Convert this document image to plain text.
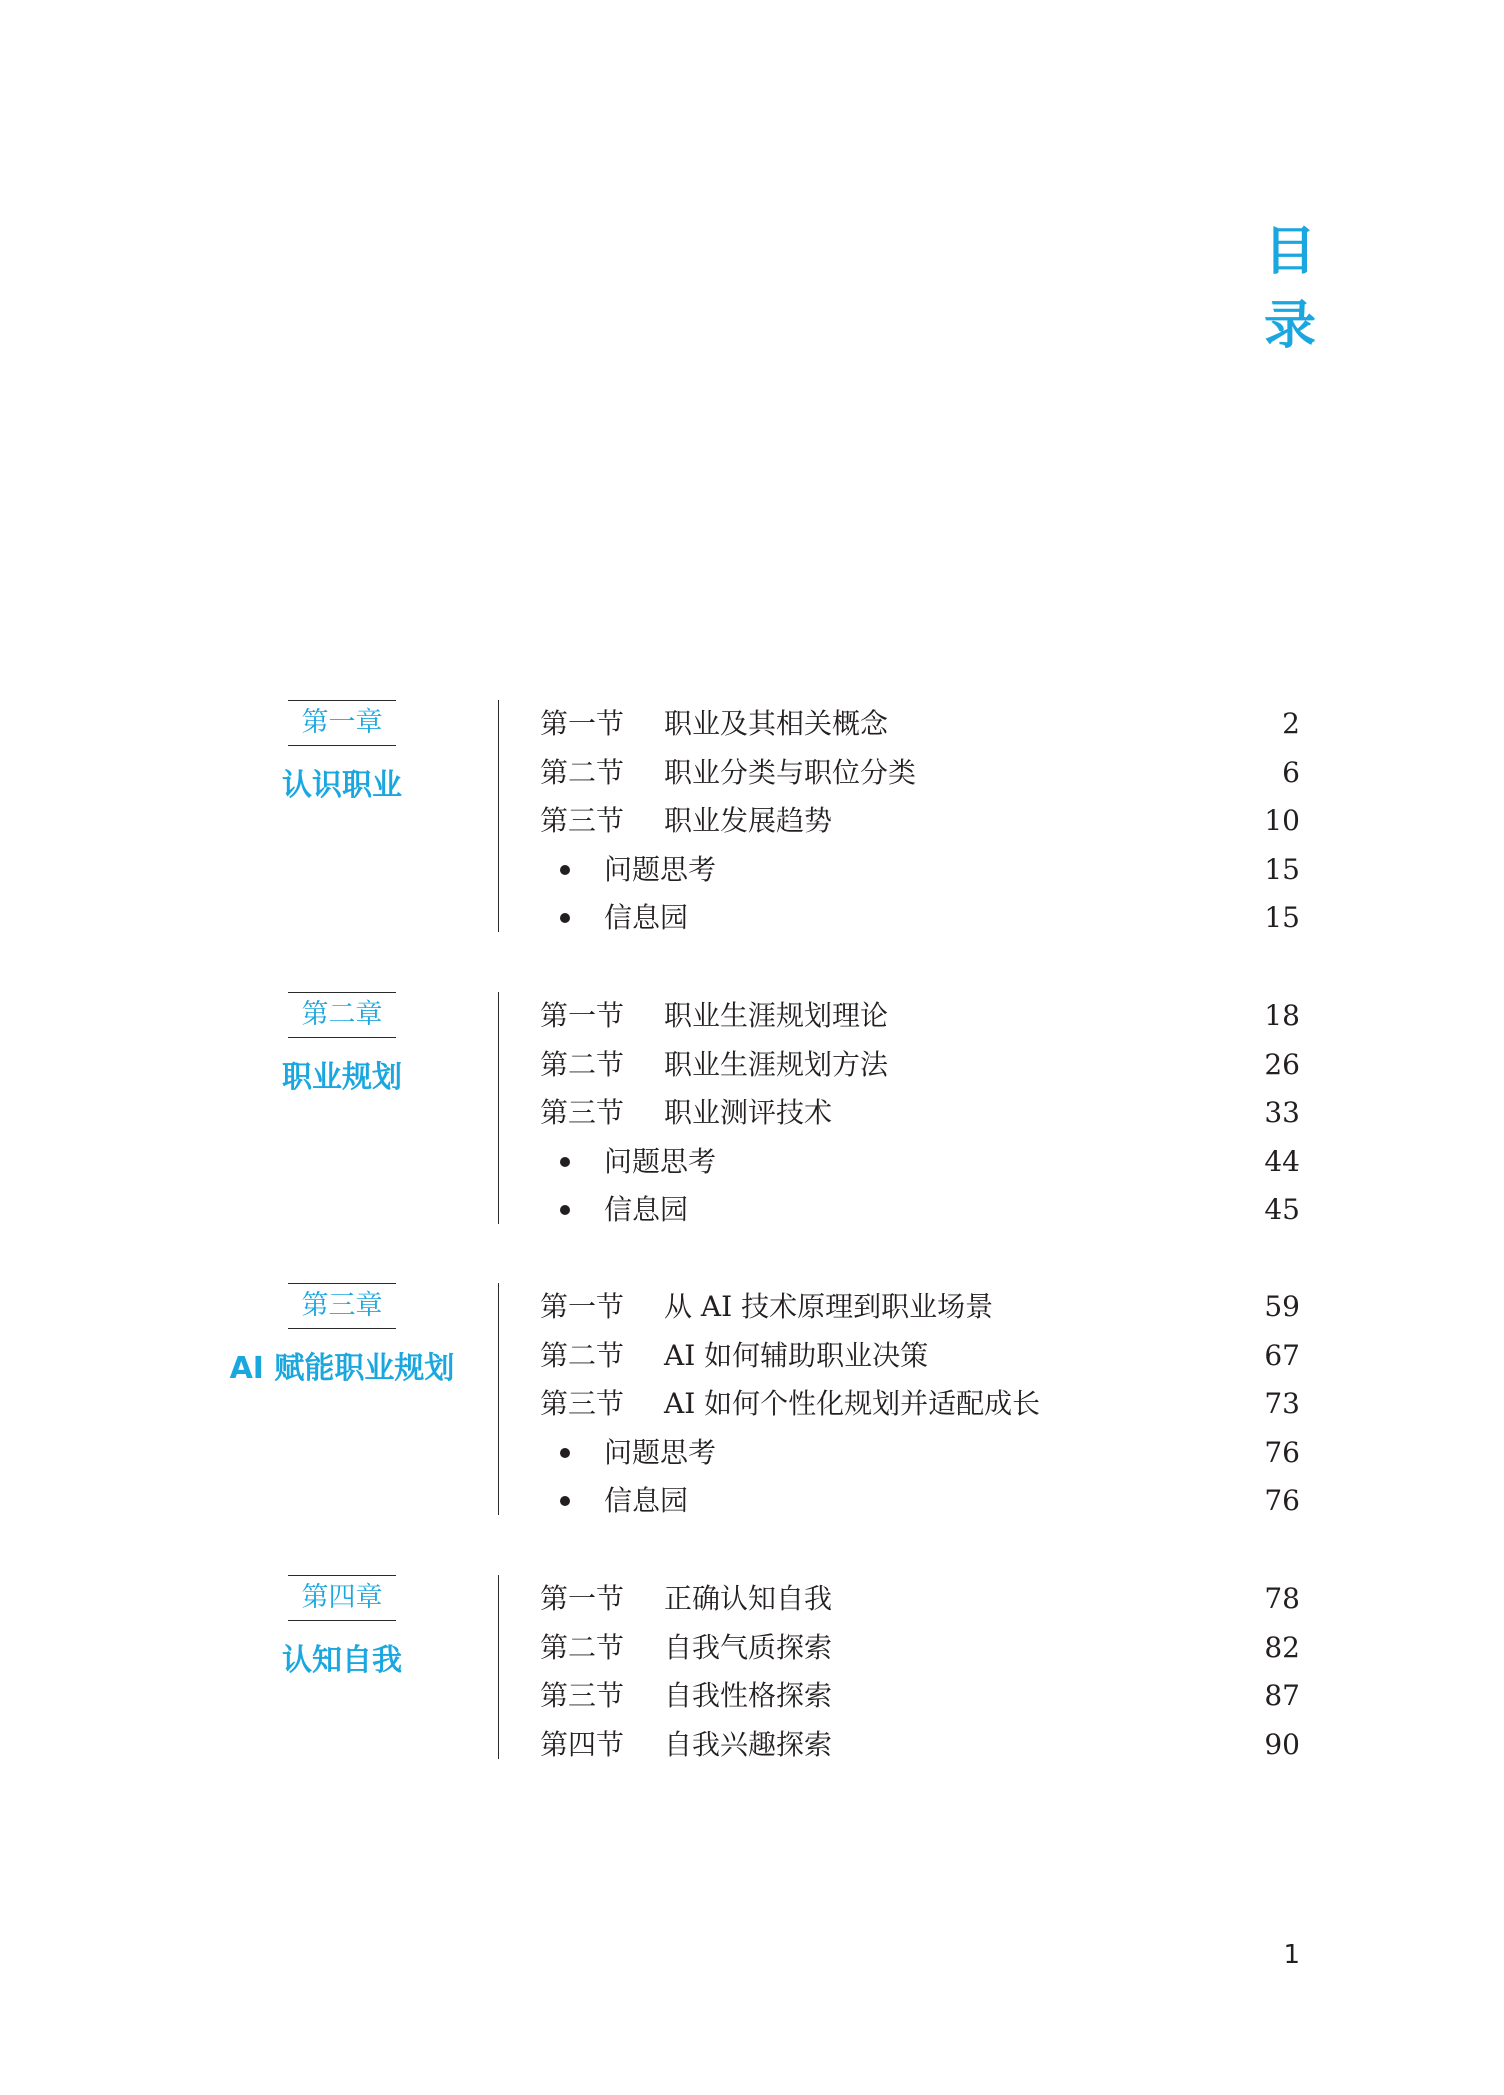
目
录
第一章
认识职业
第一节 职业及其相关概念	2
第二节 职业分类与职位分类	6
第三节 职业发展趋势	10
问题思考	15
信息园	15
第二章
职业规划
第一节 职业生涯规划理论	18
第二节 职业生涯规划方法	26
第三节 职业测评技术	33
问题思考	44
信息园	45
第三章
AI 赋能职业规划
第一节 从 AI 技术原理到职业场景	59
第二节 AI 如何辅助职业决策	67
第三节 AI 如何个性化规划并适配成长	73
问题思考	76
信息园	76
第四章
认知自我
第一节 正确认知自我	78
第二节 自我气质探索	82
第三节 自我性格探索	87
第四节 自我兴趣探索	90
1
